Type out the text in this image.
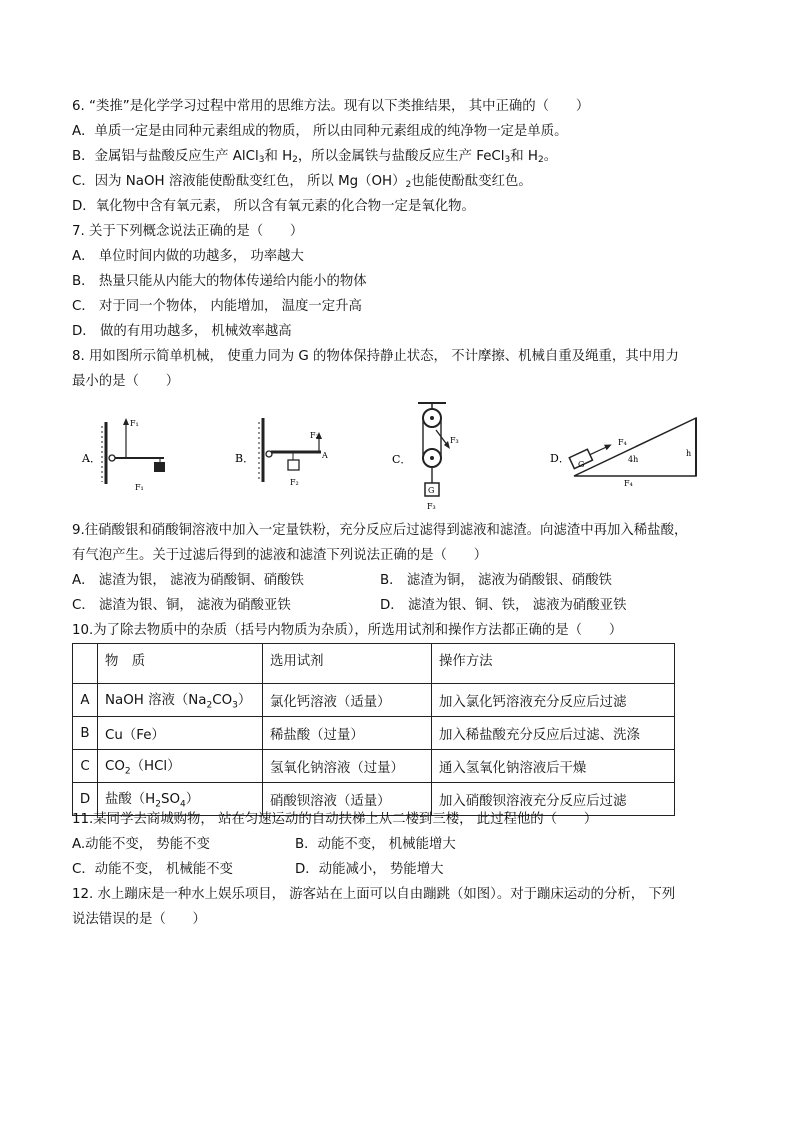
6. “类推”是化学学习过程中常用的思维方法。现有以下类推结果， 其中正确的（　　）
A．单质一定是由同种元素组成的物质， 所以由同种元素组成的纯净物一定是单质。
B．金属铝与盐酸反应生产 AlCl$_3$和 $H_2$，所以金属铁与盐酸反应生产 FeCl$_3$和 $H_2$。
C．因为 NaOH 溶液能使酚酞变红色， 所以 $Mg(OH)_2$也能使酚酞变红色。
D．氧化物中含有氧元素， 所以含有氧元素的化合物一定是氧化物。
7. 关于下列概念说法正确的是（　　）
A． 单位时间内做的功越多， 功率越大
B． 热量只能从内能大的物体传递给内能小的物体
C． 对于同一个物体， 内能增加， 温度一定升高
D． 做的有用功越多， 机械效率越高
8. 用如图所示简单机械， 使重力同为 G 的物体保持静止状态， 不计摩擦、机械自重及绳重，其中用力
最小的是（　　）
A．
F₁
F₁
B．
F₂
A
F₂
C．
F₃
G
F₃
D． G
F₄
4h
h
F₄
9.往硝酸银和硝酸铜溶液中加入一定量铁粉，充分反应后过滤得到滤液和滤渣。向滤渣中再加入稀盐酸，
有气泡产生。关于过滤后得到的滤液和滤渣下列说法正确的是（　　）
A． 滤渣为银， 滤液为硝酸铜、硝酸铁	B． 滤渣为铜， 滤液为硝酸银、硝酸铁
C． 滤渣为银、铜， 滤液为硝酸亚铁	D． 滤渣为银、铜、铁， 滤液为硝酸亚铁
10.为了除去物质中的杂质（括号内物质为杂质），所选用试剂和操作方法都正确的是（　　）
	物　质	选用试剂	操作方法
A	NaOH 溶液$(Na_2CO_3)$	氯化钙溶液（适量）	加入氯化钙溶液充分反应后过滤
B	Cu（Fe）	稀盐酸（过量）	加入稀盐酸充分反应后过滤、洗涤
C	$CO_2(HCl)$	氢氧化钠溶液（过量）	通入氢氧化钠溶液后干燥
D	盐酸$(H_2SO_4)$	硝酸钡溶液（适量）	加入硝酸钡溶液充分反应后过滤
11.某同学去商城购物， 站在匀速运动的自动扶梯上从二楼到三楼， 此过程他的（　　）
A.动能不变， 势能不变	B．动能不变， 机械能增大
C．动能不变， 机械能不变	D．动能减小， 势能增大
12. 水上蹦床是一种水上娱乐项目， 游客站在上面可以自由蹦跳（如图）。对于蹦床运动的分析， 下列
说法错误的是（　　）
